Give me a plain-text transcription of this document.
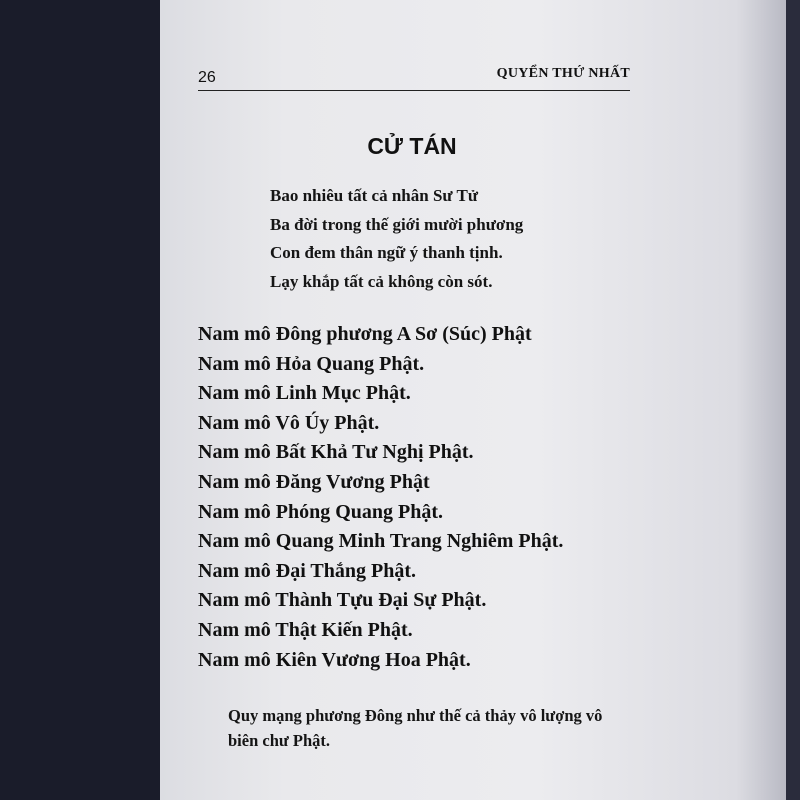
26	QUYỂN THỨ NHẤT
CỬ TÁN
Bao nhiêu tất cả nhân Sư Tử
Ba đời trong thế giới mười phương
Con đem thân ngữ ý thanh tịnh.
Lạy khắp tất cả không còn sót.
Nam mô Đông phương A Sơ (Súc) Phật
Nam mô Hỏa Quang Phật.
Nam mô Linh Mục Phật.
Nam mô Vô Úy Phật.
Nam mô Bất Khả Tư Nghị Phật.
Nam mô Đăng Vương Phật
Nam mô Phóng Quang Phật.
Nam mô Quang Minh Trang Nghiêm Phật.
Nam mô Đại Thắng Phật.
Nam mô Thành Tựu Đại Sự Phật.
Nam mô Thật Kiến Phật.
Nam mô Kiên Vương Hoa Phật.
Quy mạng phương Đông như thế cả thảy vô lượng vô biên chư Phật.
